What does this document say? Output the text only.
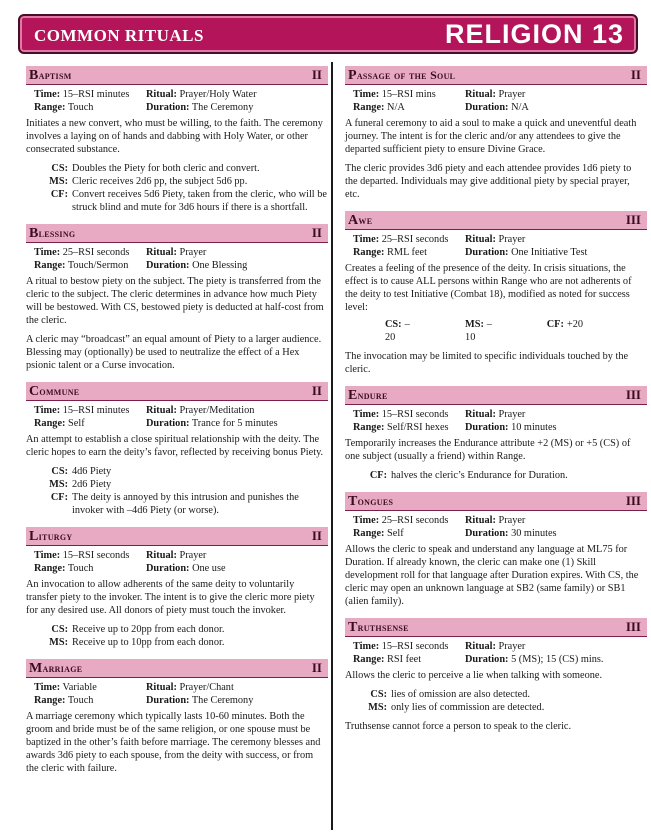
COMMON RITUALS	RELIGION 13
Baptism	II
Time: 15–RSI minutes	Ritual: Prayer/Holy Water
Range: Touch	Duration: The Ceremony
Initiates a new convert, who must be willing, to the faith. The ceremony involves a laying on of hands and dabbing with Holy Water, or other consecrated substance.
CS: Doubles the Piety for both cleric and convert.
MS: Cleric receives 2d6 pp, the subject 5d6 pp.
CF: Convert receives 5d6 Piety, taken from the cleric, who will be struck blind and mute for 3d6 hours if there is a shortfall.
Blessing	II
Time: 25–RSI seconds	Ritual: Prayer
Range: Touch/Sermon	Duration: One Blessing
A ritual to bestow piety on the subject. The piety is transferred from the cleric to the subject. The cleric determines in advance how much Piety will be bestowed. With CS, bestowed piety is deducted at half-cost from the cleric.
A cleric may “broadcast” an equal amount of Piety to a larger audience. Blessing may (optionally) be used to neutralize the effect of a Hex psionic talent or a Curse invocation.
Commune	II
Time: 15–RSI minutes	Ritual: Prayer/Meditation
Range: Self	Duration: Trance for 5 minutes
An attempt to establish a close spiritual relationship with the deity. The cleric hopes to earn the deity’s favor, reflected by receiving bonus Piety.
CS: 4d6 Piety
MS: 2d6 Piety
CF: The deity is annoyed by this intrusion and punishes the invoker with –4d6 Piety (or worse).
Liturgy	II
Time: 15–RSI seconds	Ritual: Prayer
Range: Touch	Duration: One use
An invocation to allow adherents of the same deity to voluntarily transfer piety to the invoker. The intent is to give the cleric more piety for any desired use. All donors of piety must touch the invoker.
CS: Receive up to 20pp from each donor.
MS: Receive up to 10pp from each donor.
Marriage	II
Time: Variable	Ritual: Prayer/Chant
Range: Touch	Duration: The Ceremony
A marriage ceremony which typically lasts 10-60 minutes. Both the groom and bride must be of the same religion, or one spouse must be baptized in the other’s faith before marriage. The ceremony blesses and awards 3d6 piety to each spouse, from the deity with success, or from the cleric with failure.
Passage of the Soul	II
Time: 15–RSI mins	Ritual: Prayer
Range: N/A	Duration: N/A
A funeral ceremony to aid a soul to make a quick and uneventful death journey. The intent is for the cleric and/or any attendees to give the departed sufficient piety to ensure Divine Grace.
The cleric provides 3d6 piety and each attendee provides 1d6 piety to the departed. Individuals may give additional piety by special prayer, etc.
Awe	III
Time: 25–RSI seconds	Ritual: Prayer
Range: RML feet	Duration: One Initiative Test
Creates a feeling of the presence of the deity. In crisis situations, the effect is to cause ALL persons within Range who are not adherents of the deity to test Initiative (Combat 18), modified as noted for success level:
CS: –20
MS: –10
CF: +20
The invocation may be limited to specific individuals touched by the cleric.
Endure	III
Time: 15–RSI seconds	Ritual: Prayer
Range: Self/RSI hexes	Duration: 10 minutes
Temporarily increases the Endurance attribute +2 (MS) or +5 (CS) of one subject (usually a friend) within Range.
CF: halves the cleric’s Endurance for Duration.
Tongues	III
Time: 25–RSI seconds	Ritual: Prayer
Range: Self	Duration: 30 minutes
Allows the cleric to speak and understand any language at ML75 for Duration. If already known, the cleric can make one (1) Skill development roll for that language after Duration expires. With CS, the cleric may open an unknown language at SB2 (same family) or SB1 (alien family).
Truthsense	III
Time: 15–RSI seconds	Ritual: Prayer
Range: RSI feet	Duration: 5 (MS); 15 (CS) mins.
Allows the cleric to perceive a lie when talking with someone.
CS: lies of omission are also detected.
MS: only lies of commission are detected.
Truthsense cannot force a person to speak to the cleric.
